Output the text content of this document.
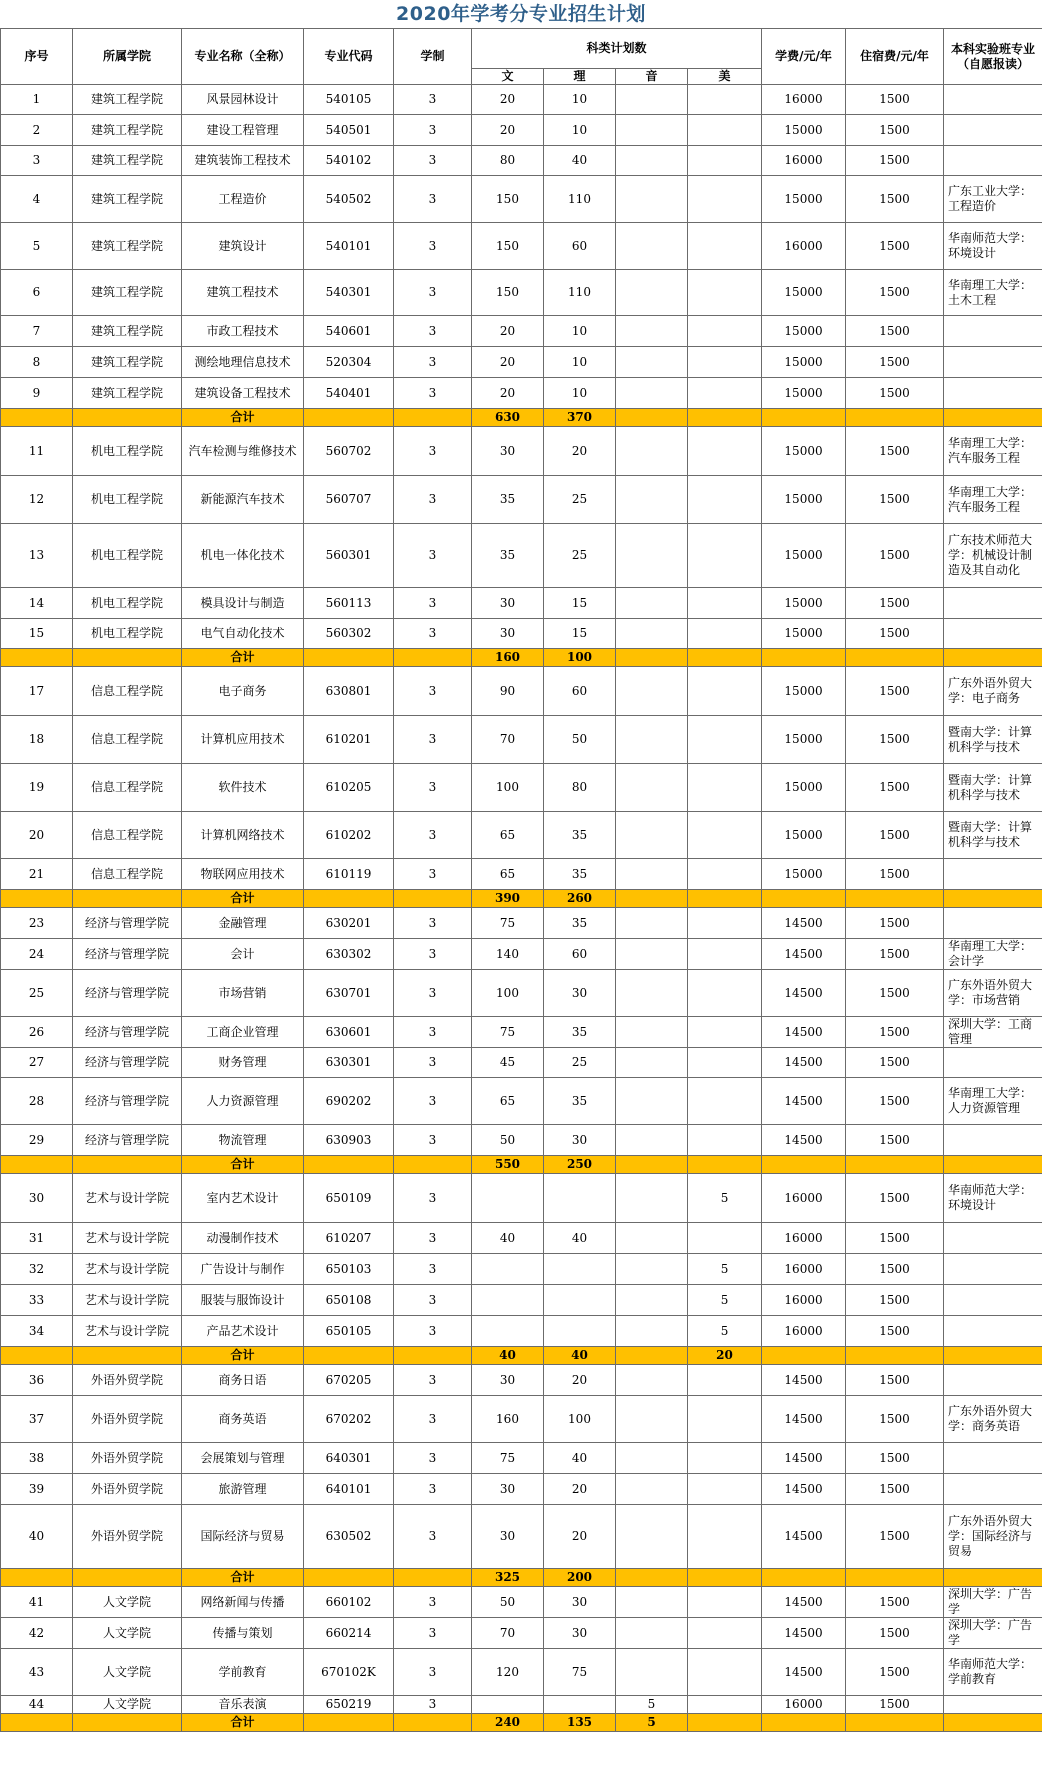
2020年学考分专业招生计划
序号	所属学院	专业名称（全称）	专业代码	学制	科类计划数				学费/元/年	住宿费/元/年	本科实验班专业（自愿报读）
					文	理	音	美			
1	建筑工程学院	风景园林设计	540105	3	20	10			16000	1500	
2	建筑工程学院	建设工程管理	540501	3	20	10			15000	1500	
3	建筑工程学院	建筑装饰工程技术	540102	3	80	40			16000	1500	
4	建筑工程学院	工程造价	540502	3	150	110			15000	1500	广东工业大学：工程造价
5	建筑工程学院	建筑设计	540101	3	150	60			16000	1500	华南师范大学：环境设计
6	建筑工程学院	建筑工程技术	540301	3	150	110			15000	1500	华南理工大学：土木工程
7	建筑工程学院	市政工程技术	540601	3	20	10			15000	1500	
8	建筑工程学院	测绘地理信息技术	520304	3	20	10			15000	1500	
9	建筑工程学院	建筑设备工程技术	540401	3	20	10			15000	1500	
		合计			630	370					
11	机电工程学院	汽车检测与维修技术	560702	3	30	20			15000	1500	华南理工大学：汽车服务工程
12	机电工程学院	新能源汽车技术	560707	3	35	25			15000	1500	华南理工大学：汽车服务工程
13	机电工程学院	机电一体化技术	560301	3	35	25			15000	1500	广东技术师范大学：机械设计制造及其自动化
14	机电工程学院	模具设计与制造	560113	3	30	15			15000	1500	
15	机电工程学院	电气自动化技术	560302	3	30	15			15000	1500	
		合计			160	100					
17	信息工程学院	电子商务	630801	3	90	60			15000	1500	广东外语外贸大学：电子商务
18	信息工程学院	计算机应用技术	610201	3	70	50			15000	1500	暨南大学：计算机科学与技术
19	信息工程学院	软件技术	610205	3	100	80			15000	1500	暨南大学：计算机科学与技术
20	信息工程学院	计算机网络技术	610202	3	65	35			15000	1500	暨南大学：计算机科学与技术
21	信息工程学院	物联网应用技术	610119	3	65	35			15000	1500	
		合计			390	260					
23	经济与管理学院	金融管理	630201	3	75	35			14500	1500	
24	经济与管理学院	会计	630302	3	140	60			14500	1500	华南理工大学：会计学
25	经济与管理学院	市场营销	630701	3	100	30			14500	1500	广东外语外贸大学：市场营销
26	经济与管理学院	工商企业管理	630601	3	75	35			14500	1500	深圳大学：工商管理
27	经济与管理学院	财务管理	630301	3	45	25			14500	1500	
28	经济与管理学院	人力资源管理	690202	3	65	35			14500	1500	华南理工大学：人力资源管理
29	经济与管理学院	物流管理	630903	3	50	30			14500	1500	
		合计			550	250					
30	艺术与设计学院	室内艺术设计	650109	3				5	16000	1500	华南师范大学：环境设计
31	艺术与设计学院	动漫制作技术	610207	3	40	40			16000	1500	
32	艺术与设计学院	广告设计与制作	650103	3				5	16000	1500	
33	艺术与设计学院	服装与服饰设计	650108	3				5	16000	1500	
34	艺术与设计学院	产品艺术设计	650105	3				5	16000	1500	
		合计			40	40		20			
36	外语外贸学院	商务日语	670205	3	30	20			14500	1500	
37	外语外贸学院	商务英语	670202	3	160	100			14500	1500	广东外语外贸大学：商务英语
38	外语外贸学院	会展策划与管理	640301	3	75	40			14500	1500	
39	外语外贸学院	旅游管理	640101	3	30	20			14500	1500	
40	外语外贸学院	国际经济与贸易	630502	3	30	20			14500	1500	广东外语外贸大学：国际经济与贸易
		合计			325	200					
41	人文学院	网络新闻与传播	660102	3	50	30			14500	1500	深圳大学：广告学
42	人文学院	传播与策划	660214	3	70	30			14500	1500	深圳大学：广告学
43	人文学院	学前教育	670102K	3	120	75			14500	1500	华南师范大学：学前教育
44	人文学院	音乐表演	650219	3			5		16000	1500	
		合计			240	135	5				
